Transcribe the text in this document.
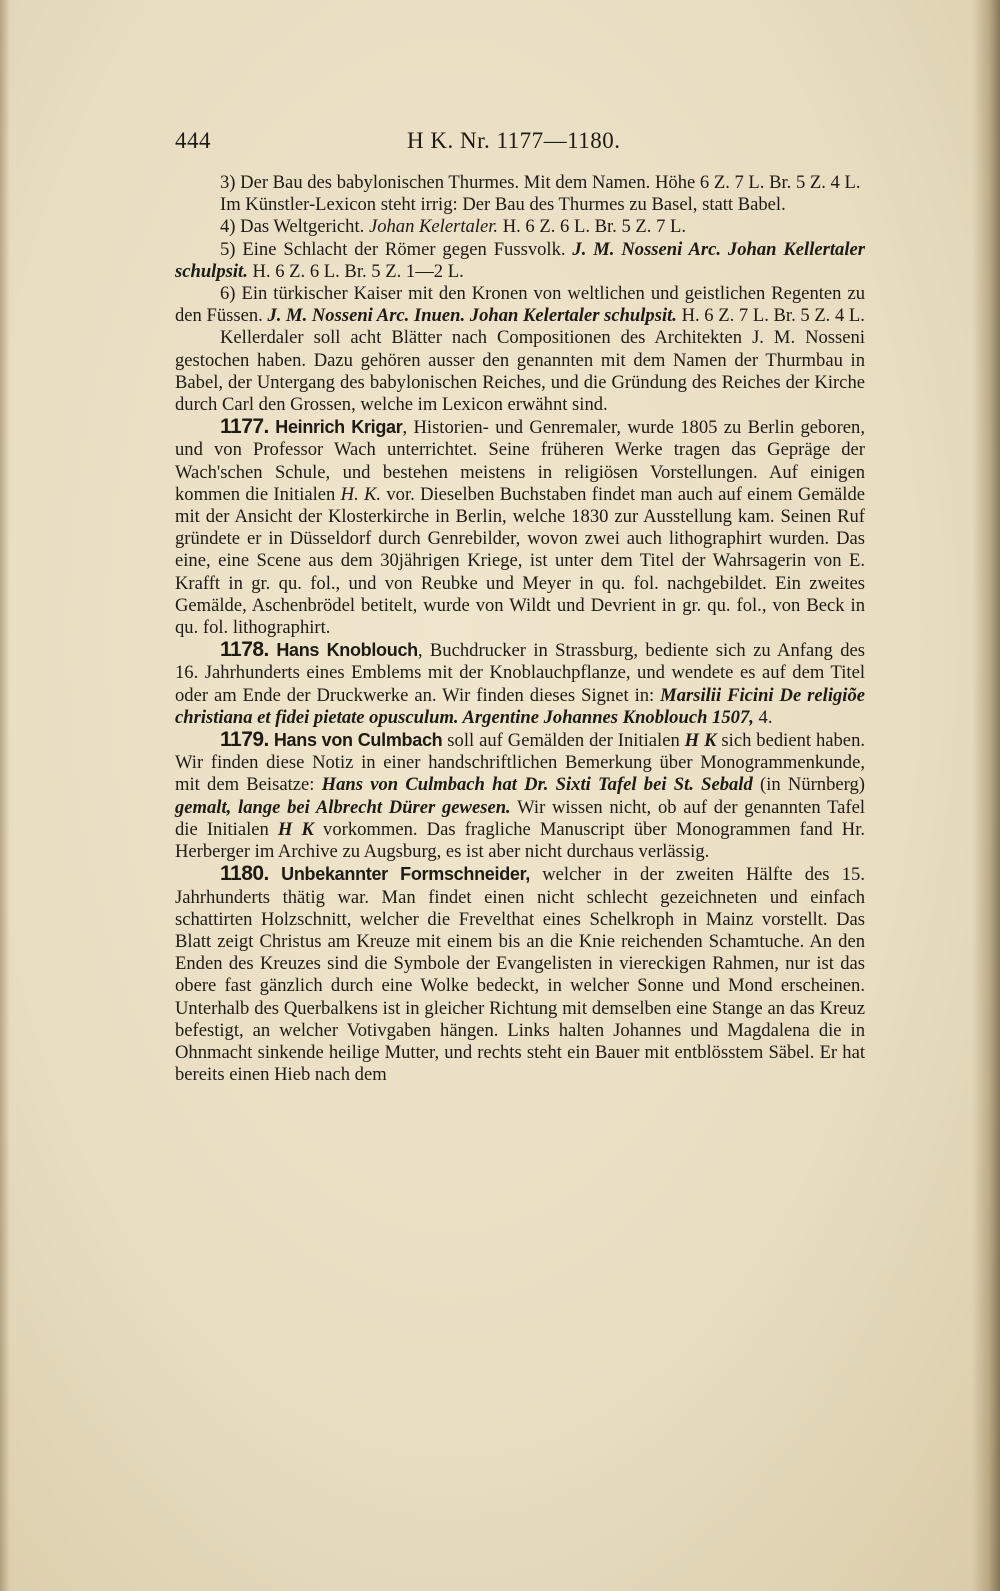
444	H K. Nr. 1177—1180.

3) Der Bau des babylonischen Thurmes. Mit dem Namen. Höhe 6 Z. 7 L. Br. 5 Z. 4 L.

Im Künstler-Lexicon steht irrig: Der Bau des Thurmes zu Basel, statt Babel.

4) Das Weltgericht. Johan Kelertaler. H. 6 Z. 6 L. Br. 5 Z. 7 L.

5) Eine Schlacht der Römer gegen Fussvolk. J. M. Nosseni Arc. Johan Kellertaler schulpsit. H. 6 Z. 6 L. Br. 5 Z. 1—2 L.

6) Ein türkischer Kaiser mit den Kronen von weltlichen und geistlichen Regenten zu den Füssen. J. M. Nosseni Arc. Inuen. Johan Kelertaler schulpsit. H. 6 Z. 7 L. Br. 5 Z. 4 L.

Kellerdaler soll acht Blätter nach Compositionen des Architekten J. M. Nosseni gestochen haben. Dazu gehören ausser den genannten mit dem Namen der Thurmbau in Babel, der Untergang des babylonischen Reiches, und die Gründung des Reiches der Kirche durch Carl den Grossen, welche im Lexicon erwähnt sind.

1177. Heinrich Krigar, Historien- und Genremaler, wurde 1805 zu Berlin geboren, und von Professor Wach unterrichtet. Seine früheren Werke tragen das Gepräge der Wach'schen Schule, und bestehen meistens in religiösen Vorstellungen. Auf einigen kommen die Initialen H. K. vor. Dieselben Buchstaben findet man auch auf einem Gemälde mit der Ansicht der Klosterkirche in Berlin, welche 1830 zur Ausstellung kam. Seinen Ruf gründete er in Düsseldorf durch Genrebilder, wovon zwei auch lithographirt wurden. Das eine, eine Scene aus dem 30jährigen Kriege, ist unter dem Titel der Wahrsagerin von E. Krafft in gr. qu. fol., und von Reubke und Meyer in qu. fol. nachgebildet. Ein zweites Gemälde, Aschenbrödel betitelt, wurde von Wildt und Devrient in gr. qu. fol., von Beck in qu. fol. lithographirt.

1178. Hans Knoblouch, Buchdrucker in Strassburg, bediente sich zu Anfang des 16. Jahrhunderts eines Emblems mit der Knoblauchpflanze, und wendete es auf dem Titel oder am Ende der Druckwerke an. Wir finden dieses Signet in: Marsilii Ficini De religiõe christiana et fidei pietate opusculum. Argentine Johannes Knoblouch 1507, 4.

1179. Hans von Culmbach soll auf Gemälden der Initialen H K sich bedient haben. Wir finden diese Notiz in einer handschriftlichen Bemerkung über Monogrammenkunde, mit dem Beisatze: Hans von Culmbach hat Dr. Sixti Tafel bei St. Sebald (in Nürnberg) gemalt, lange bei Albrecht Dürer gewesen. Wir wissen nicht, ob auf der genannten Tafel die Initialen H K vorkommen. Das fragliche Manuscript über Monogrammen fand Hr. Herberger im Archive zu Augsburg, es ist aber nicht durchaus verlässig.

1180. Unbekannter Formschneider, welcher in der zweiten Hälfte des 15. Jahrhunderts thätig war. Man findet einen nicht schlecht gezeichneten und einfach schattirten Holzschnitt, welcher die Frevelthat eines Schelkroph in Mainz vorstellt. Das Blatt zeigt Christus am Kreuze mit einem bis an die Knie reichenden Schamtuche. An den Enden des Kreuzes sind die Symbole der Evangelisten in viereckigen Rahmen, nur ist das obere fast gänzlich durch eine Wolke bedeckt, in welcher Sonne und Mond erscheinen. Unterhalb des Querbalkens ist in gleicher Richtung mit demselben eine Stange an das Kreuz befestigt, an welcher Votivgaben hängen. Links halten Johannes und Magdalena die in Ohnmacht sinkende heilige Mutter, und rechts steht ein Bauer mit entblösstem Säbel. Er hat bereits einen Hieb nach dem
